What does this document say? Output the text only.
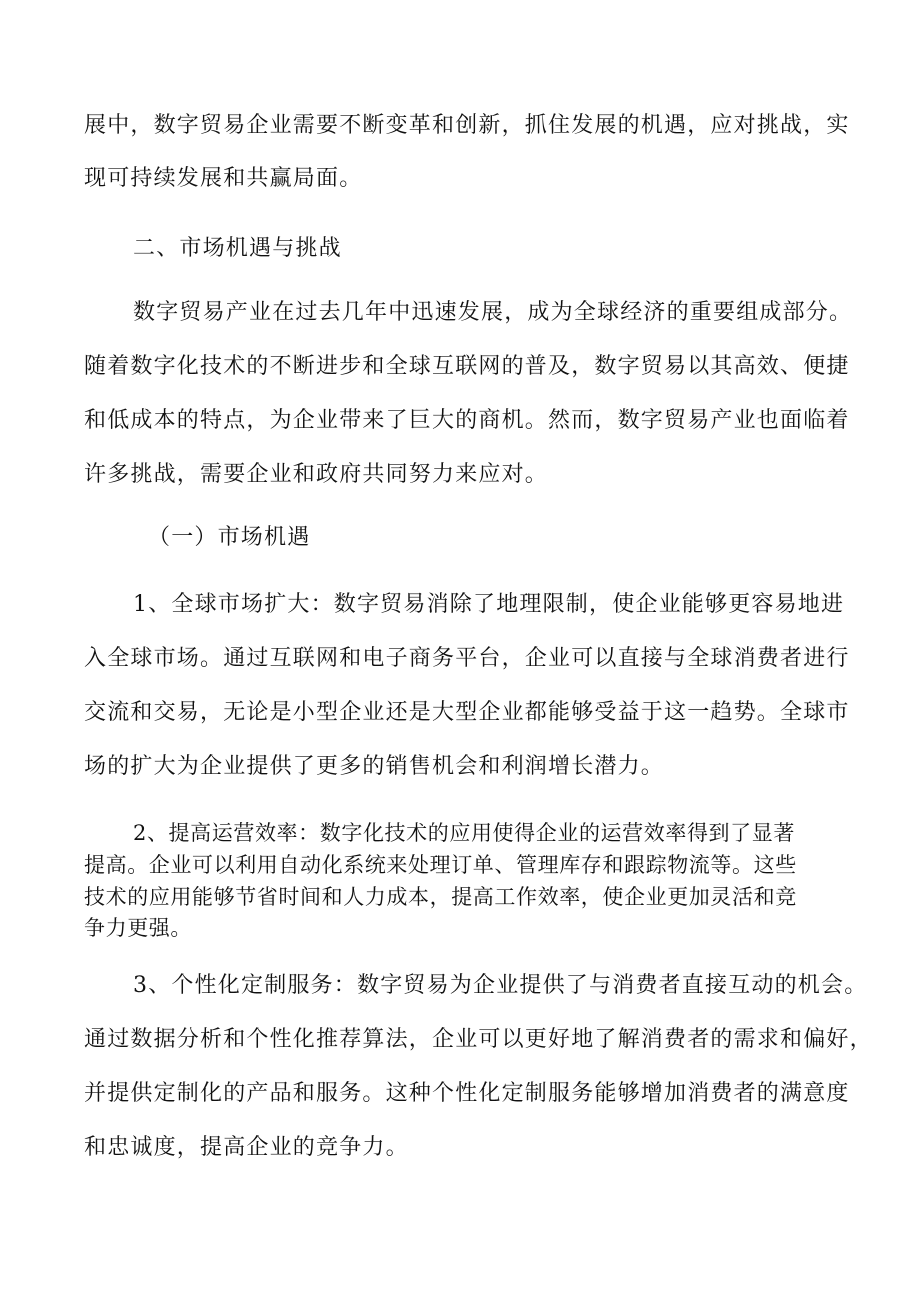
展中，数字贸易企业需要不断变革和创新，抓住发展的机遇，应对挑战，实
现可持续发展和共赢局面。
二、市场机遇与挑战
数字贸易产业在过去几年中迅速发展，成为全球经济的重要组成部分。
随着数字化技术的不断进步和全球互联网的普及，数字贸易以其高效、便捷
和低成本的特点，为企业带来了巨大的商机。然而，数字贸易产业也面临着
许多挑战，需要企业和政府共同努力来应对。
（一）市场机遇
1、全球市场扩大：数字贸易消除了地理限制，使企业能够更容易地进
入全球市场。通过互联网和电子商务平台，企业可以直接与全球消费者进行
交流和交易，无论是小型企业还是大型企业都能够受益于这一趋势。全球市
场的扩大为企业提供了更多的销售机会和利润增长潜力。
2、提高运营效率：数字化技术的应用使得企业的运营效率得到了显著
提高。企业可以利用自动化系统来处理订单、管理库存和跟踪物流等。这些
技术的应用能够节省时间和人力成本，提高工作效率，使企业更加灵活和竞
争力更强。
3、个性化定制服务：数字贸易为企业提供了与消费者直接互动的机会。
通过数据分析和个性化推荐算法，企业可以更好地了解消费者的需求和偏好，
并提供定制化的产品和服务。这种个性化定制服务能够增加消费者的满意度
和忠诚度，提高企业的竞争力。
